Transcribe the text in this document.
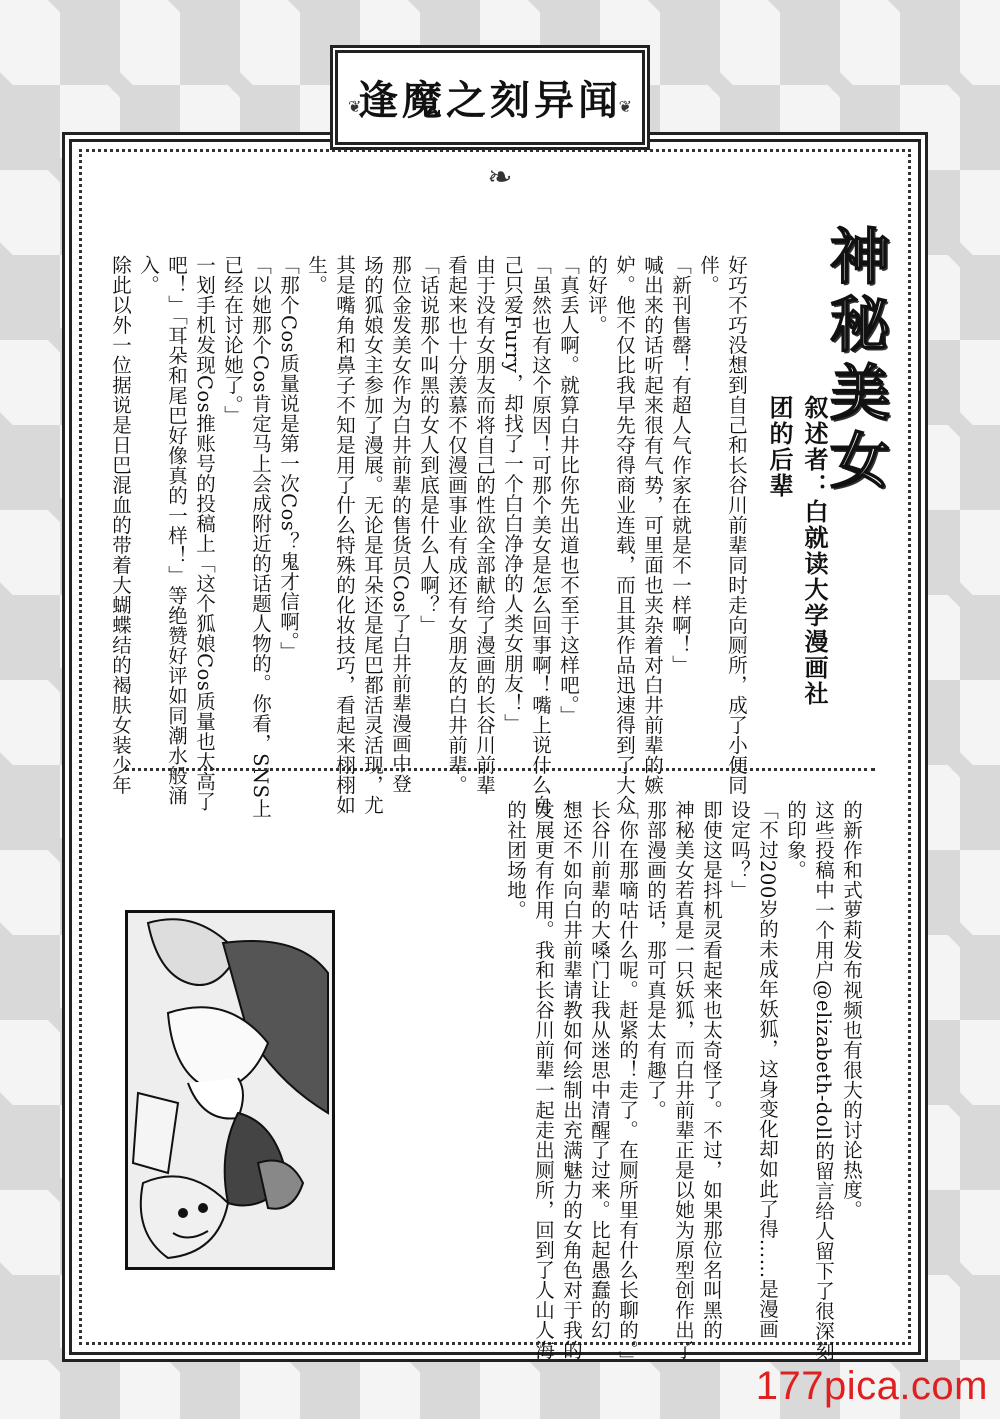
❦
逢魔之刻异闻
❦
❧
神秘美女
叙述者：白就读大学漫画社团的后辈
好巧不巧没想到自己和长谷川前辈同时走向厕所，成了小便同
伴。
「新刊售罄！有超人气作家在就是不一样啊！」
喊出来的话听起来很有气势，可里面也夹杂着对白井前辈的嫉
妒。他不仅比我早先夺得商业连载，而且其作品迅速得到了大众
的好评。
「真丢人啊。就算白井比你先出道也不至于这样吧。」
「虽然也有这个原因！可那个美女是怎么回事啊！嘴上说什么自
己只爱Furry，却找了一个白白净净的人类女朋友！」
由于没有女朋友而将自己的性欲全部献给了漫画的长谷川前辈
看起来也十分羡慕不仅漫画事业有成还有女朋友的白井前辈。
「话说那个叫黑的女人到底是什么人啊？」
那位金发美女作为白井前辈的售货员Cos了白井前辈漫画中登
场的狐娘女主参加了漫展。无论是耳朵还是尾巴都活灵活现，尤
其是嘴角和鼻子不知是用了什么特殊的化妆技巧，看起来栩栩如
生。
「那个Cos质量说是第一次Cos？鬼才信啊。」
「以她那个Cos肯定马上会成附近的话题人物的。你看，SNS上
已经在讨论她了。」
一划手机发现Cos推账号的投稿上「这个狐娘Cos质量也太高了
吧！」「耳朵和尾巴好像真的一样！」等绝赞好评如同潮水般涌
入。
除此以外一位据说是日巴混血的带着大蝴蝶结的褐肤女装少年
的新作和式萝莉发布视频也有很大的讨论热度。
这些投稿中一个用户@elizabeth-doll的留言给人留下了很深刻
的印象。
「不过200岁的未成年妖狐，这身变化却如此了得……是漫画
设定吗？」
即使这是抖机灵看起来也太奇怪了。不过，如果那位名叫黑的
神秘美女若真是一只妖狐，而白井前辈正是以她为原型创作出了
那部漫画的话，那可真是太有趣了。
「你在那嘀咕什么呢。赶紧的！走了。在厕所里有什么长聊的。」
长谷川前辈的大嗓门让我从迷思中清醒了过来。比起愚蠢的幻
想还不如向白井前辈请教如何绘制出充满魅力的女角色对于我的
发展更有作用。我和长谷川前辈一起走出厕所，回到了人山人海
的社团场地。
177pica.com
